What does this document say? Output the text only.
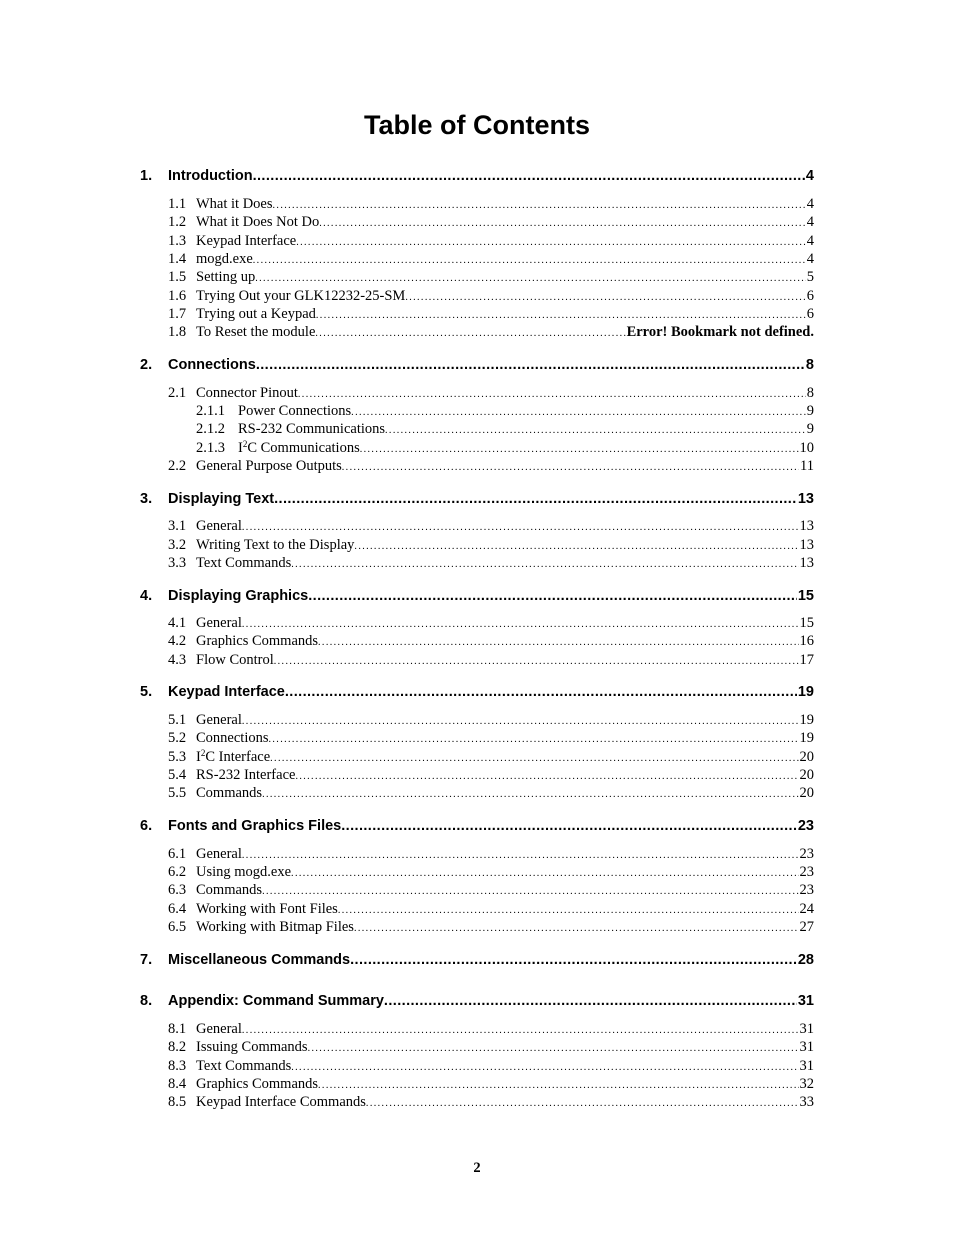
Table of Contents
1.	Introduction .....	4
1.1 What it Does .....	4
1.2 What it Does Not Do .....	4
1.3 Keypad Interface .....	4
1.4 mogd.exe .....	4
1.5 Setting up .....	5
1.6 Trying Out your GLK12232-25-SM .....	6
1.7 Trying out a Keypad .....	6
1.8 To Reset the module .....	Error! Bookmark not defined.
2.	Connections .....	8
2.1 Connector Pinout .....	8
2.1.1 Power Connections .....	9
2.1.2 RS-232 Communications .....	9
2.1.3 $I^2C$ Communications .....	10
2.2 General Purpose Outputs .....	11
3.	Displaying Text .....	13
3.1 General .....	13
3.2 Writing Text to the Display .....	13
3.3 Text Commands .....	13
4.	Displaying Graphics .....	15
4.1 General .....	15
4.2 Graphics Commands .....	16
4.3 Flow Control .....	17
5.	Keypad Interface .....	19
5.1 General .....	19
5.2 Connections .....	19
5.3 $I^2C$ Interface .....	20
5.4 RS-232 Interface .....	20
5.5 Commands .....	20
6.	Fonts and Graphics Files .....	23
6.1 General .....	23
6.2 Using mogd.exe .....	23
6.3 Commands .....	23
6.4 Working with Font Files .....	24
6.5 Working with Bitmap Files .....	27
7.	Miscellaneous Commands .....	28
8.	Appendix: Command Summary .....	31
8.1 General .....	31
8.2 Issuing Commands .....	31
8.3 Text Commands .....	31
8.4 Graphics Commands .....	32
8.5 Keypad Interface Commands .....	33
2
